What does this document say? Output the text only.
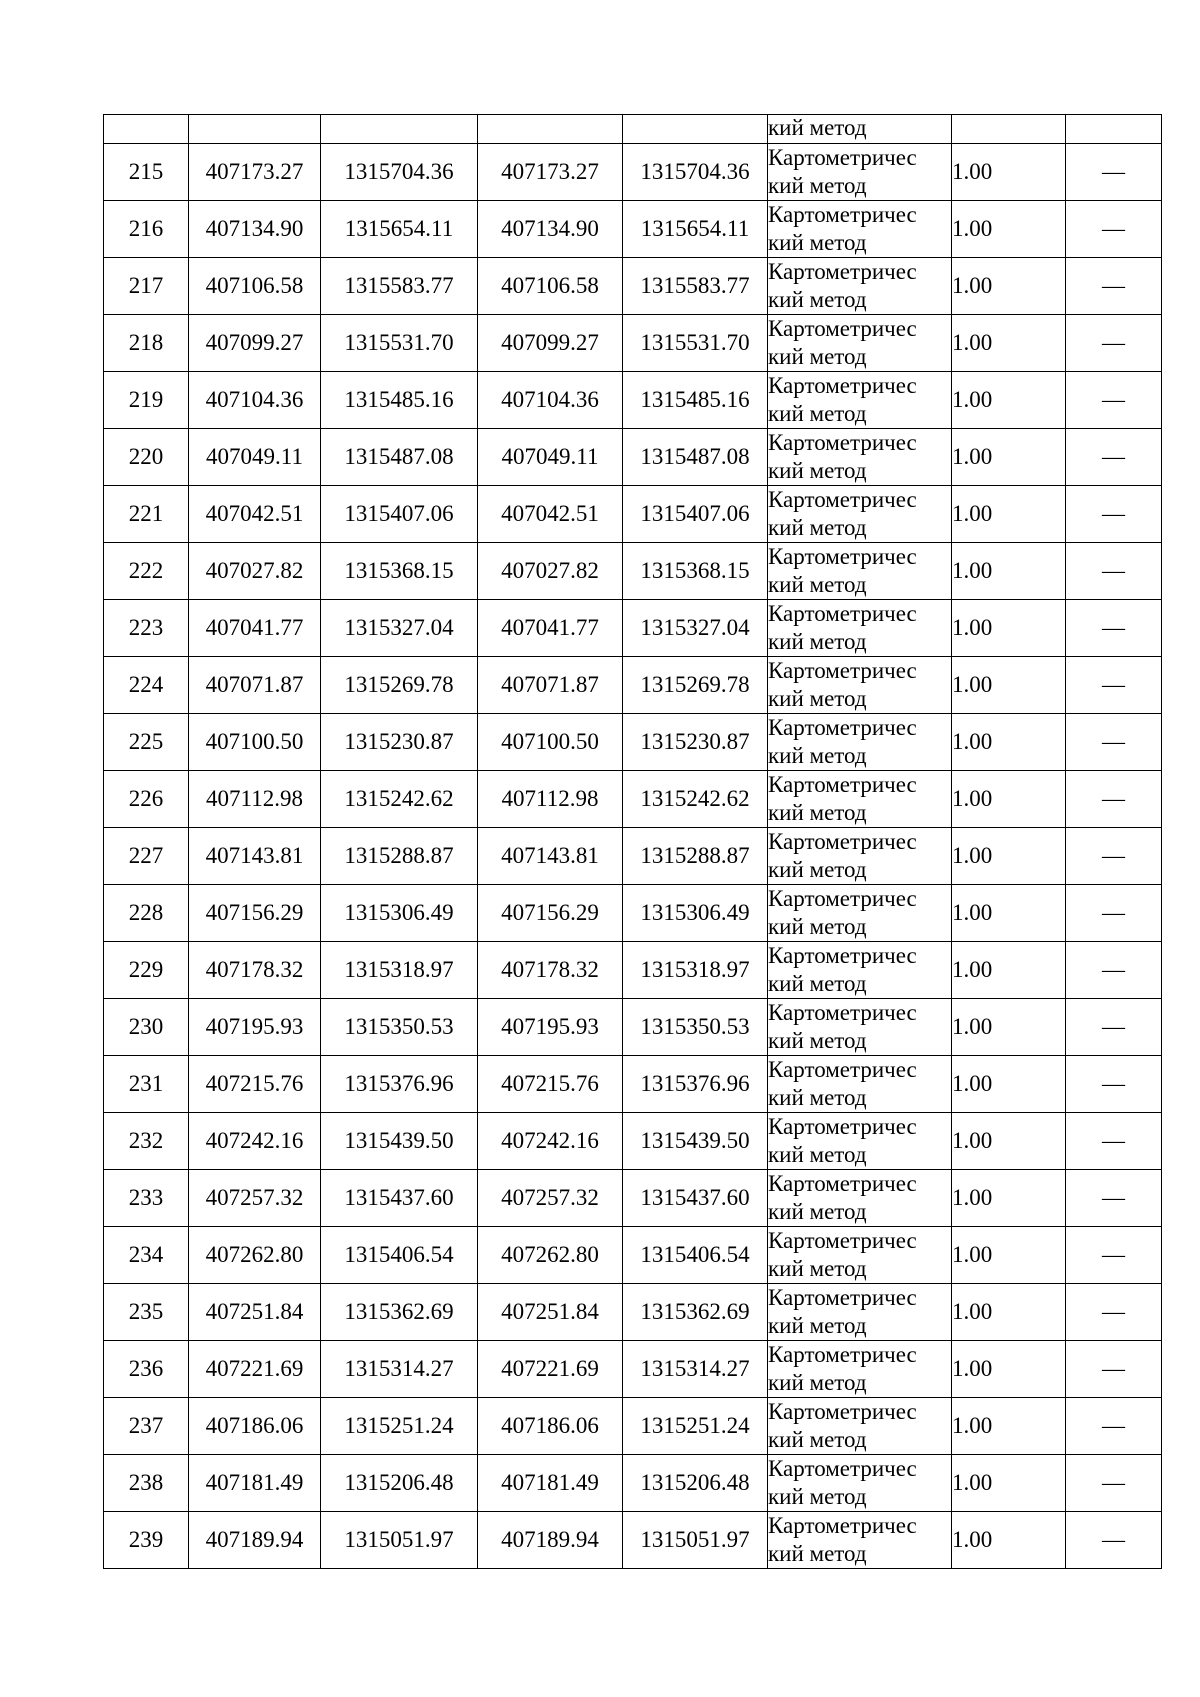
					кий метод		
215	407173.27	1315704.36	407173.27	1315704.36	Картометричес
кий метод	1.00	—
216	407134.90	1315654.11	407134.90	1315654.11	Картометричес
кий метод	1.00	—
217	407106.58	1315583.77	407106.58	1315583.77	Картометричес
кий метод	1.00	—
218	407099.27	1315531.70	407099.27	1315531.70	Картометричес
кий метод	1.00	—
219	407104.36	1315485.16	407104.36	1315485.16	Картометричес
кий метод	1.00	—
220	407049.11	1315487.08	407049.11	1315487.08	Картометричес
кий метод	1.00	—
221	407042.51	1315407.06	407042.51	1315407.06	Картометричес
кий метод	1.00	—
222	407027.82	1315368.15	407027.82	1315368.15	Картометричес
кий метод	1.00	—
223	407041.77	1315327.04	407041.77	1315327.04	Картометричес
кий метод	1.00	—
224	407071.87	1315269.78	407071.87	1315269.78	Картометричес
кий метод	1.00	—
225	407100.50	1315230.87	407100.50	1315230.87	Картометричес
кий метод	1.00	—
226	407112.98	1315242.62	407112.98	1315242.62	Картометричес
кий метод	1.00	—
227	407143.81	1315288.87	407143.81	1315288.87	Картометричес
кий метод	1.00	—
228	407156.29	1315306.49	407156.29	1315306.49	Картометричес
кий метод	1.00	—
229	407178.32	1315318.97	407178.32	1315318.97	Картометричес
кий метод	1.00	—
230	407195.93	1315350.53	407195.93	1315350.53	Картометричес
кий метод	1.00	—
231	407215.76	1315376.96	407215.76	1315376.96	Картометричес
кий метод	1.00	—
232	407242.16	1315439.50	407242.16	1315439.50	Картометричес
кий метод	1.00	—
233	407257.32	1315437.60	407257.32	1315437.60	Картометричес
кий метод	1.00	—
234	407262.80	1315406.54	407262.80	1315406.54	Картометричес
кий метод	1.00	—
235	407251.84	1315362.69	407251.84	1315362.69	Картометричес
кий метод	1.00	—
236	407221.69	1315314.27	407221.69	1315314.27	Картометричес
кий метод	1.00	—
237	407186.06	1315251.24	407186.06	1315251.24	Картометричес
кий метод	1.00	—
238	407181.49	1315206.48	407181.49	1315206.48	Картометричес
кий метод	1.00	—
239	407189.94	1315051.97	407189.94	1315051.97	Картометричес
кий метод	1.00	—
